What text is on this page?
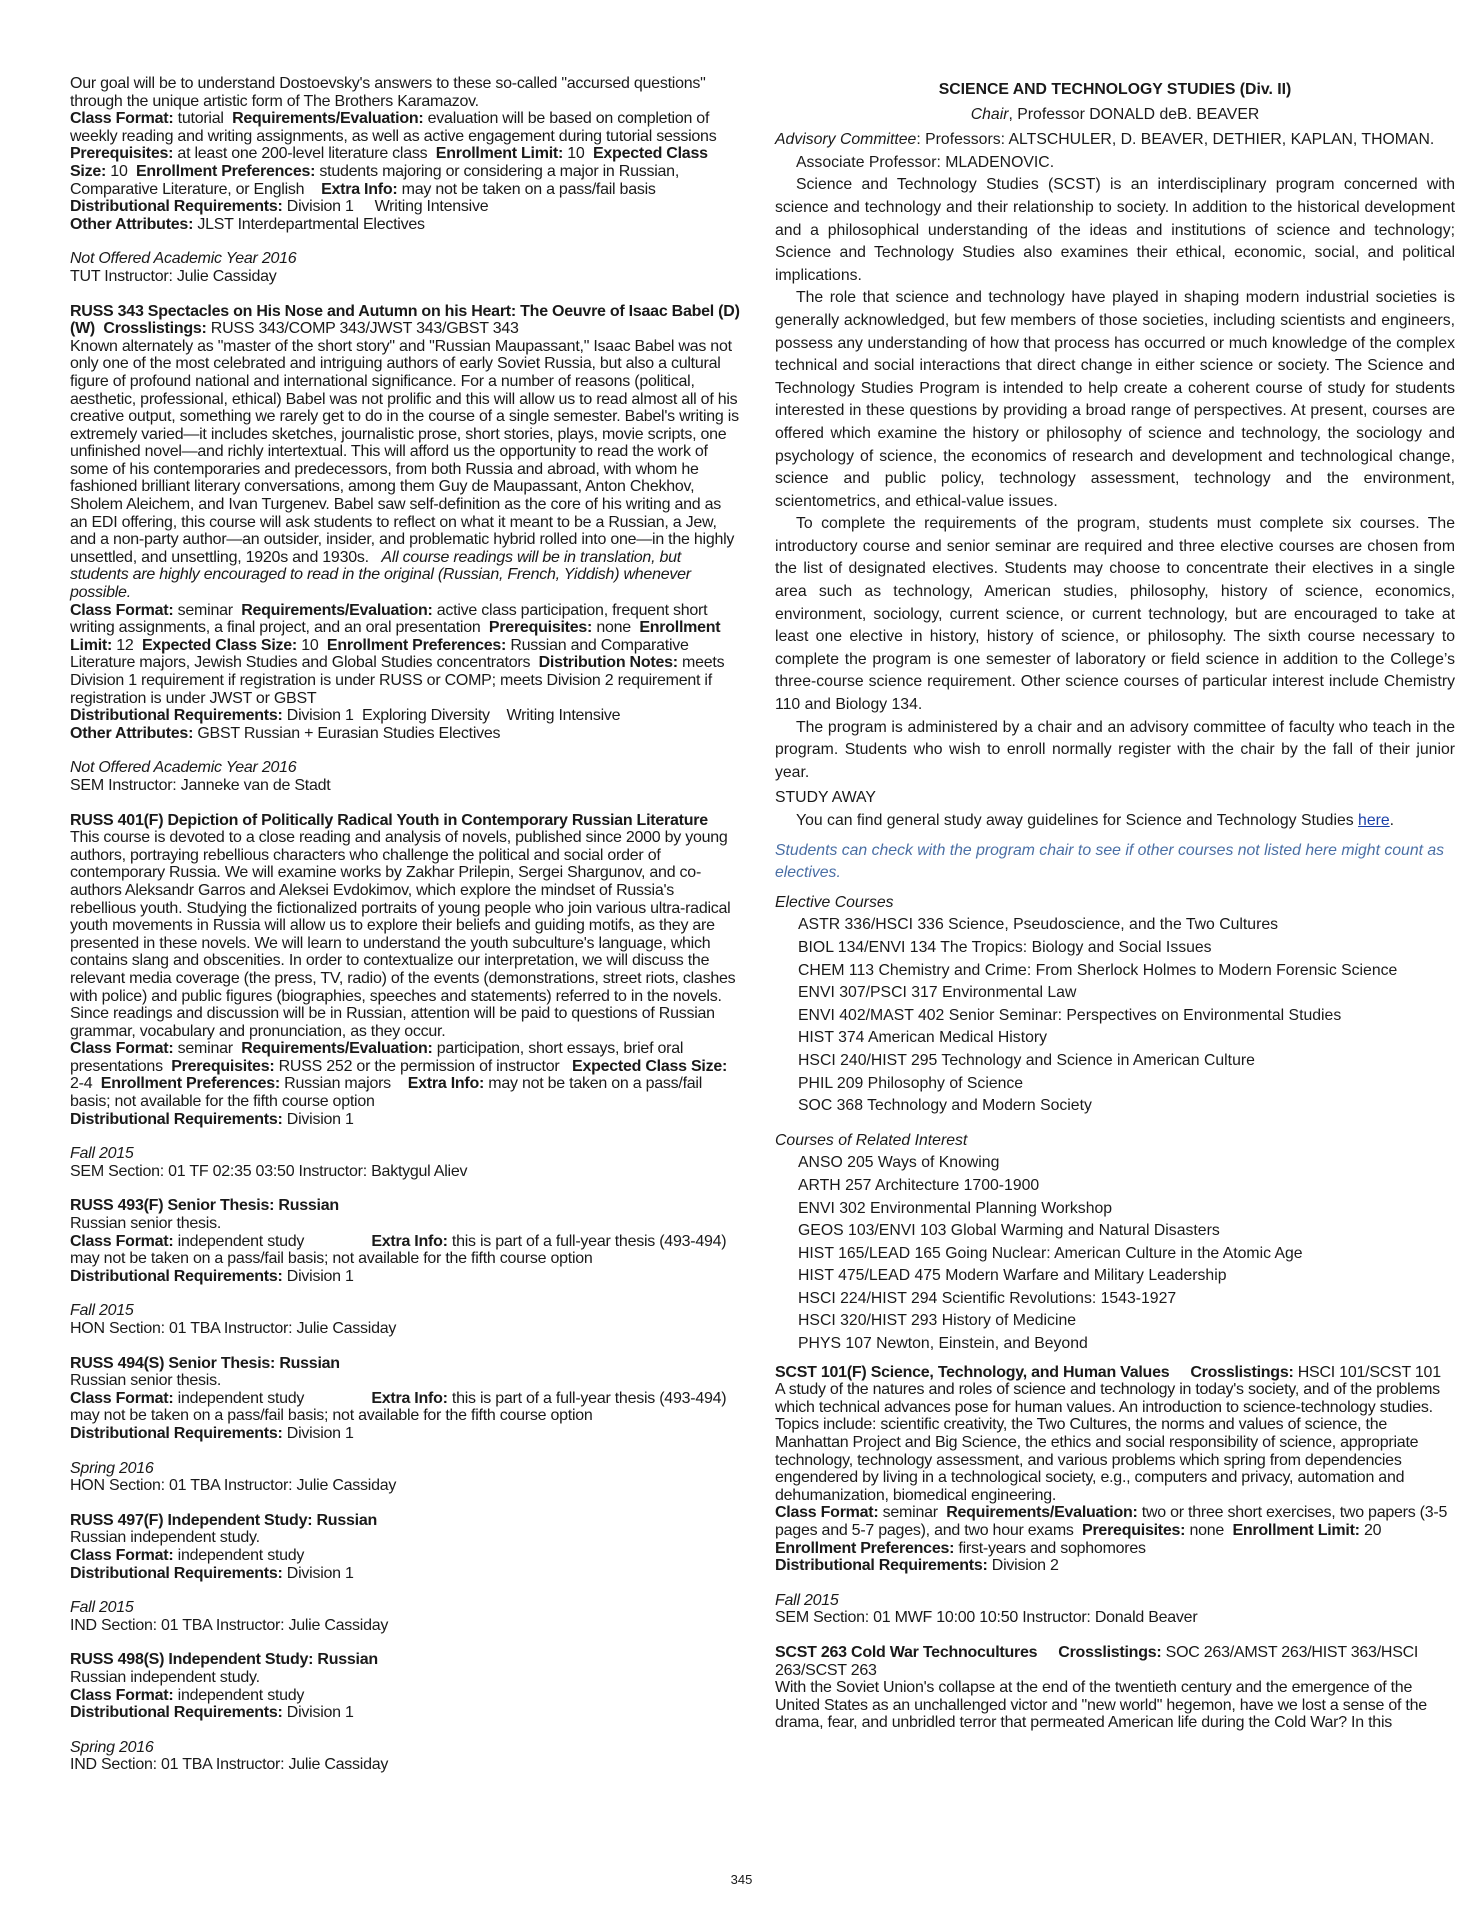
Our goal will be to understand Dostoevsky's answers to these so-called "accursed questions" through the unique artistic form of The Brothers Karamazov.
Class Format: tutorial Requirements/Evaluation: evaluation will be based on completion of weekly reading and writing assignments, as well as active engagement during tutorial sessions Prerequisites: at least one 200-level literature class Enrollment Limit: 10 Expected Class Size: 10 Enrollment Preferences: students majoring or considering a major in Russian, Comparative Literature, or English Extra Info: may not be taken on a pass/fail basis
Distributional Requirements: Division 1     Writing Intensive
Other Attributes: JLST Interdepartmental Electives
Not Offered Academic Year 2016
TUT Instructor: Julie Cassiday
RUSS 343 Spectacles on His Nose and Autumn on his Heart: The Oeuvre of Isaac Babel (D) (W) Crosslistings: RUSS 343/COMP 343/JWST 343/GBST 343
Known alternately as "master of the short story" and "Russian Maupassant," Isaac Babel was not only one of the most celebrated and intriguing authors of early Soviet Russia, but also a cultural figure of profound national and international significance. For a number of reasons (political, aesthetic, professional, ethical) Babel was not prolific and this will allow us to read almost all of his creative output, something we rarely get to do in the course of a single semester. Babel's writing is extremely varied—it includes sketches, journalistic prose, short stories, plays, movie scripts, one unfinished novel—and richly intertextual. This will afford us the opportunity to read the work of some of his contemporaries and predecessors, from both Russia and abroad, with whom he fashioned brilliant literary conversations, among them Guy de Maupassant, Anton Chekhov, Sholem Aleichem, and Ivan Turgenev. Babel saw self-definition as the core of his writing and as an EDI offering, this course will ask students to reflect on what it meant to be a Russian, a Jew, and a non-party author—an outsider, insider, and problematic hybrid rolled into one—in the highly unsettled, and unsettling, 1920s and 1930s. All course readings will be in translation, but students are highly encouraged to read in the original (Russian, French, Yiddish) whenever possible.
Class Format: seminar Requirements/Evaluation: active class participation, frequent short writing assignments, a final project, and an oral presentation Prerequisites: none Enrollment Limit: 12 Expected Class Size: 10 Enrollment Preferences: Russian and Comparative Literature majors, Jewish Studies and Global Studies concentrators Distribution Notes: meets Division 1 requirement if registration is under RUSS or COMP; meets Division 2 requirement if registration is under JWST or GBST
Distributional Requirements: Division 1  Exploring Diversity    Writing Intensive
Other Attributes: GBST Russian + Eurasian Studies Electives
Not Offered Academic Year 2016
SEM Instructor: Janneke van de Stadt
RUSS 401(F) Depiction of Politically Radical Youth in Contemporary Russian Literature
This course is devoted to a close reading and analysis of novels, published since 2000 by young authors, portraying rebellious characters who challenge the political and social order of contemporary Russia. We will examine works by Zakhar Prilepin, Sergei Shargunov, and co-authors Aleksandr Garros and Aleksei Evdokimov, which explore the mindset of Russia's rebellious youth. Studying the fictionalized portraits of young people who join various ultra-radical youth movements in Russia will allow us to explore their beliefs and guiding motifs, as they are presented in these novels. We will learn to understand the youth subculture's language, which contains slang and obscenities. In order to contextualize our interpretation, we will discuss the relevant media coverage (the press, TV, radio) of the events (demonstrations, street riots, clashes with police) and public figures (biographies, speeches and statements) referred to in the novels. Since readings and discussion will be in Russian, attention will be paid to questions of Russian grammar, vocabulary and pronunciation, as they occur.
Class Format: seminar Requirements/Evaluation: participation, short essays, brief oral presentations Prerequisites: RUSS 252 or the permission of instructor Expected Class Size: 2-4 Enrollment Preferences: Russian majors Extra Info: may not be taken on a pass/fail basis; not available for the fifth course option
Distributional Requirements: Division 1
Fall 2015
SEM Section: 01 TF 02:35 03:50 Instructor: Baktygul Aliev
RUSS 493(F) Senior Thesis: Russian
Russian senior thesis.
Class Format: independent study	Extra Info: this is part of a full-year thesis (493-494) may not be taken on a pass/fail basis; not available for the fifth course option
Distributional Requirements: Division 1
Fall 2015
HON Section: 01 TBA Instructor: Julie Cassiday
RUSS 494(S) Senior Thesis: Russian
Russian senior thesis.
Class Format: independent study	Extra Info: this is part of a full-year thesis (493-494) may not be taken on a pass/fail basis; not available for the fifth course option
Distributional Requirements: Division 1
Spring 2016
HON Section: 01 TBA Instructor: Julie Cassiday
RUSS 497(F) Independent Study: Russian
Russian independent study.
Class Format: independent study
Distributional Requirements: Division 1
Fall 2015
IND Section: 01 TBA Instructor: Julie Cassiday
RUSS 498(S) Independent Study: Russian
Russian independent study.
Class Format: independent study
Distributional Requirements: Division 1
Spring 2016
IND Section: 01 TBA Instructor: Julie Cassiday
SCIENCE AND TECHNOLOGY STUDIES (Div. II)
Chair, Professor DONALD deB. BEAVER
Advisory Committee: Professors: ALTSCHULER, D. BEAVER, DETHIER, KAPLAN, THOMAN.
Associate Professor: MLADENOVIC.

Science and Technology Studies (SCST) is an interdisciplinary program concerned with science and technology and their relationship to society. In addition to the historical development and a philosophical understanding of the ideas and institutions of science and technology; Science and Technology Studies also examines their ethical, economic, social, and political implications.

The role that science and technology have played in shaping modern industrial societies is generally acknowledged, but few members of those societies, including scientists and engineers, possess any understanding of how that process has occurred or much knowledge of the complex technical and social interactions that direct change in either science or society. The Science and Technology Studies Program is intended to help create a coherent course of study for students interested in these questions by providing a broad range of perspectives. At present, courses are offered which examine the history or philosophy of science and technology, the sociology and psychology of science, the economics of research and development and technological change, science and public policy, technology assessment, technology and the environment, scientometrics, and ethical-value issues.

To complete the requirements of the program, students must complete six courses. The introductory course and senior seminar are required and three elective courses are chosen from the list of designated electives. Students may choose to concentrate their electives in a single area such as technology, American studies, philosophy, history of science, economics, environment, sociology, current science, or current technology, but are encouraged to take at least one elective in history, history of science, or philosophy. The sixth course necessary to complete the program is one semester of laboratory or field science in addition to the College’s three-course science requirement. Other science courses of particular interest include Chemistry 110 and Biology 134.

The program is administered by a chair and an advisory committee of faculty who teach in the program. Students who wish to enroll normally register with the chair by the fall of their junior year.

STUDY AWAY
You can find general study away guidelines for Science and Technology Studies here.
Students can check with the program chair to see if other courses not listed here might count as electives.
Elective Courses
ASTR 336/HSCI 336 Science, Pseudoscience, and the Two Cultures
BIOL 134/ENVI 134 The Tropics: Biology and Social Issues
CHEM 113 Chemistry and Crime: From Sherlock Holmes to Modern Forensic Science
ENVI 307/PSCI 317 Environmental Law
ENVI 402/MAST 402 Senior Seminar: Perspectives on Environmental Studies
HIST 374 American Medical History
HSCI 240/HIST 295 Technology and Science in American Culture
PHIL 209 Philosophy of Science
SOC 368 Technology and Modern Society
Courses of Related Interest
ANSO 205 Ways of Knowing
ARTH 257 Architecture 1700-1900
ENVI 302 Environmental Planning Workshop
GEOS 103/ENVI 103 Global Warming and Natural Disasters
HIST 165/LEAD 165 Going Nuclear: American Culture in the Atomic Age
HIST 475/LEAD 475 Modern Warfare and Military Leadership
HSCI 224/HIST 294 Scientific Revolutions: 1543-1927
HSCI 320/HIST 293 History of Medicine
PHYS 107 Newton, Einstein, and Beyond
SCST 101(F) Science, Technology, and Human Values Crosslistings: HSCI 101/SCST 101
A study of the natures and roles of science and technology in today's society, and of the problems which technical advances pose for human values. An introduction to science-technology studies. Topics include: scientific creativity, the Two Cultures, the norms and values of science, the Manhattan Project and Big Science, the ethics and social responsibility of science, appropriate technology, technology assessment, and various problems which spring from dependencies engendered by living in a technological society, e.g., computers and privacy, automation and dehumanization, biomedical engineering.
Class Format: seminar Requirements/Evaluation: two or three short exercises, two papers (3-5 pages and 5-7 pages), and two hour exams Prerequisites: none Enrollment Limit: 20 Enrollment Preferences: first-years and sophomores
Distributional Requirements: Division 2
Fall 2015
SEM Section: 01 MWF 10:00 10:50 Instructor: Donald Beaver
SCST 263 Cold War Technocultures Crosslistings: SOC 263/AMST 263/HIST 363/HSCI 263/SCST 263
With the Soviet Union's collapse at the end of the twentieth century and the emergence of the United States as an unchallenged victor and "new world" hegemon, have we lost a sense of the drama, fear, and unbridled terror that permeated American life during the Cold War? In this
345
